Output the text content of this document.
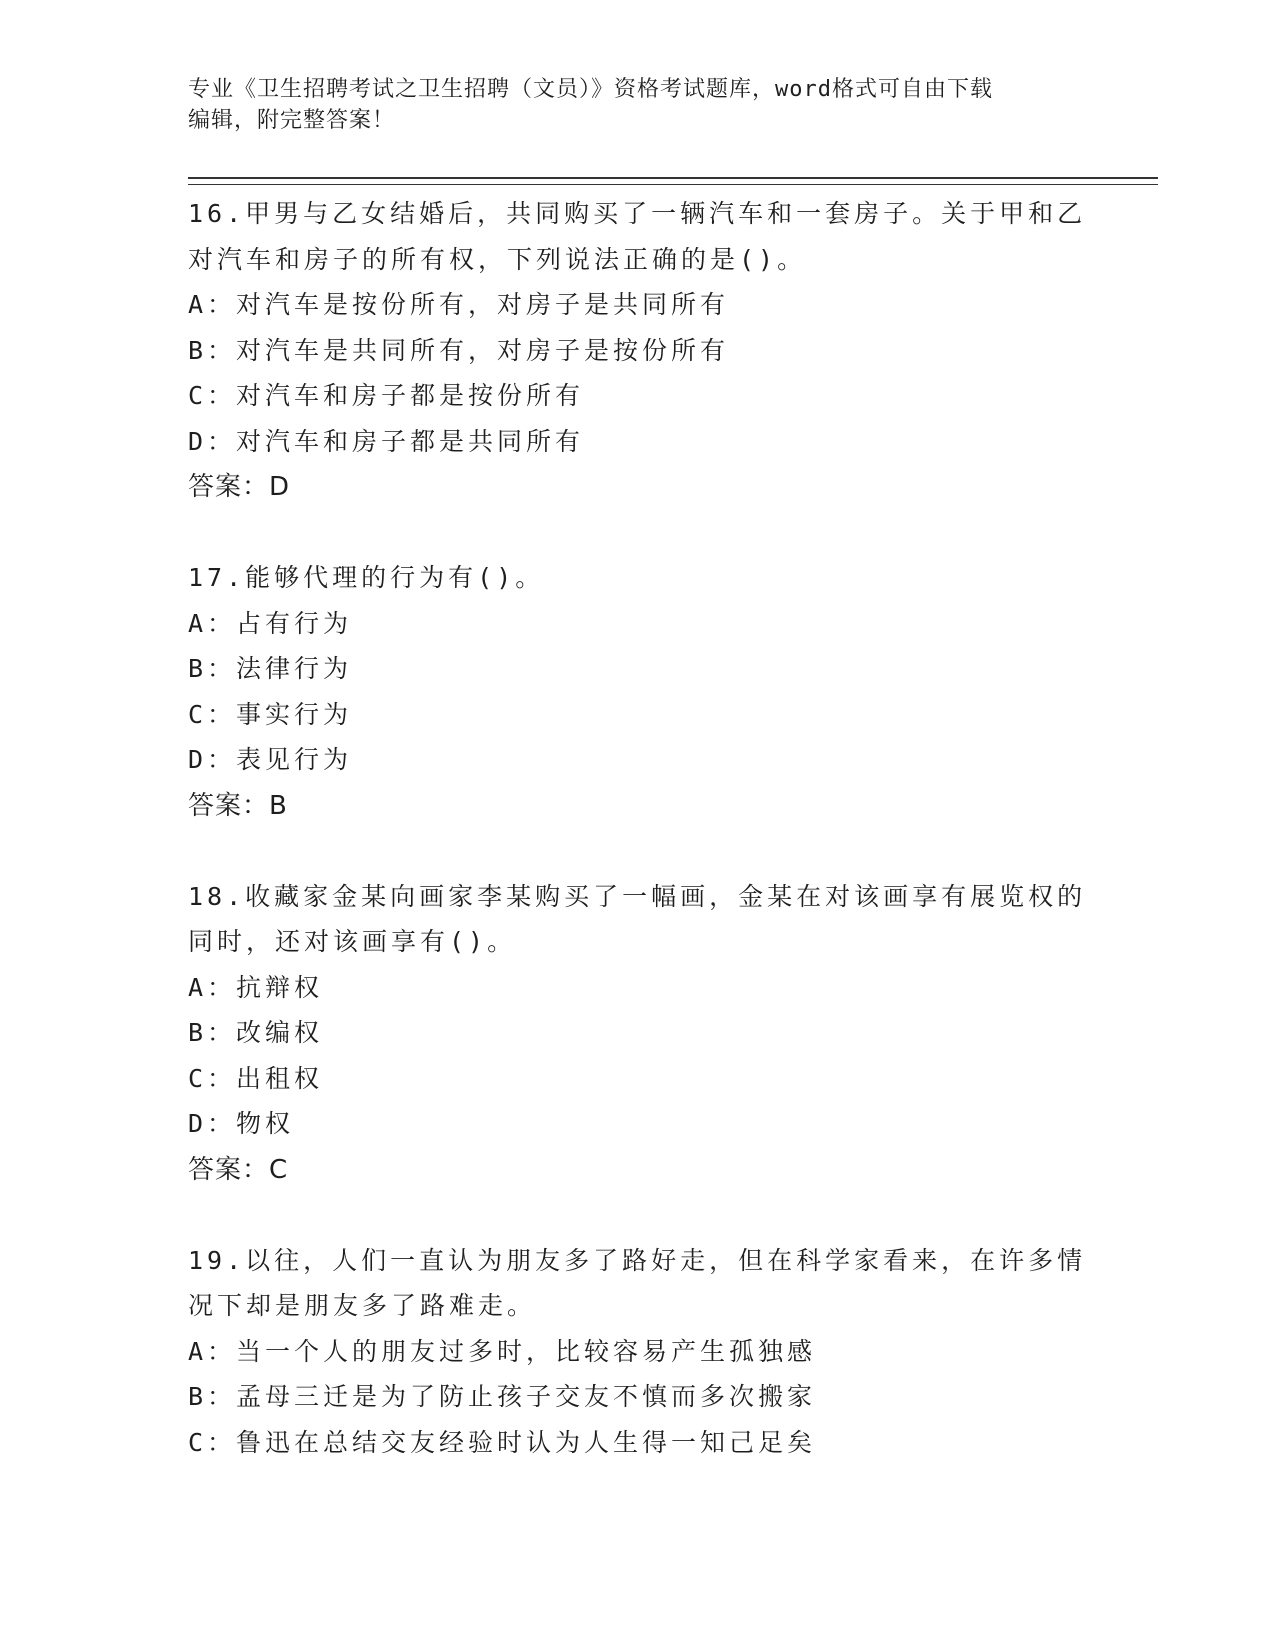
专业《卫生招聘考试之卫生招聘（文员）》资格考试题库，word格式可自由下载
编辑，附完整答案！
16.甲男与乙女结婚后，共同购买了一辆汽车和一套房子。关于甲和乙
对汽车和房子的所有权，下列说法正确的是()。
A：对汽车是按份所有，对房子是共同所有
B：对汽车是共同所有，对房子是按份所有
C：对汽车和房子都是按份所有
D：对汽车和房子都是共同所有
答案：D
17.能够代理的行为有()。
A：占有行为
B：法律行为
C：事实行为
D：表见行为
答案：B
18.收藏家金某向画家李某购买了一幅画，金某在对该画享有展览权的
同时，还对该画享有()。
A：抗辩权
B：改编权
C：出租权
D：物权
答案：C
19.以往，人们一直认为朋友多了路好走，但在科学家看来，在许多情
况下却是朋友多了路难走。
A：当一个人的朋友过多时，比较容易产生孤独感
B：孟母三迁是为了防止孩子交友不慎而多次搬家
C：鲁迅在总结交友经验时认为人生得一知己足矣
